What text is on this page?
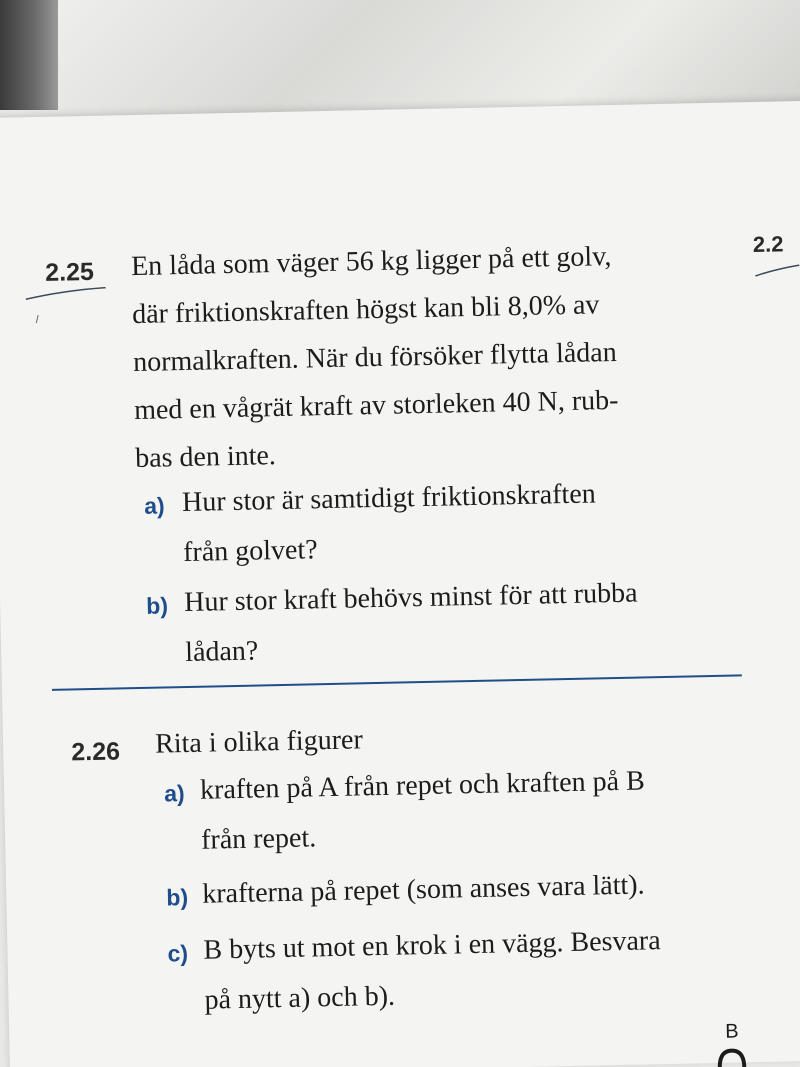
2.25 En låda som väger 56 kg ligger på ett golv,
där friktionskraften högst kan bli 8,0% av
normalkraften. När du försöker flytta lådan
med en vågrät kraft av storleken 40 N, rub-
bas den inte.
a) Hur stor är samtidigt friktionskraften
från golvet?
b) Hur stor kraft behövs minst för att rubba
lådan?
2.26 Rita i olika figurer
a) kraften på A från repet och kraften på B
från repet.
b) krafterna på repet (som anses vara lätt).
c) B byts ut mot en krok i en vägg. Besvara
på nytt a) och b).
2.2
B
